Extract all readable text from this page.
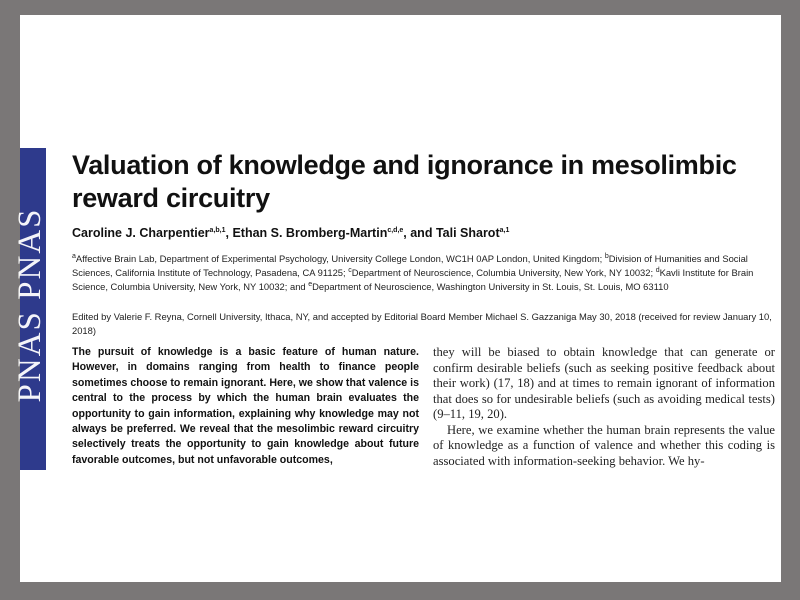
PNAS PNAS
Valuation of knowledge and ignorance in mesolimbic reward circuitry
Caroline J. Charpentier$^{a,b,1}$, Ethan S. Bromberg-Martin$^{c,d,e}$, and Tali Sharot$^{a,1}$
$^a$Affective Brain Lab, Department of Experimental Psychology, University College London, WC1H 0AP London, United Kingdom; $^b$Division of Humanities and Social Sciences, California Institute of Technology, Pasadena, CA 91125; $^c$Department of Neuroscience, Columbia University, New York, NY 10032; $^d$Kavli Institute for Brain Science, Columbia University, New York, NY 10032; and $^e$Department of Neuroscience, Washington University in St. Louis, St. Louis, MO 63110
Edited by Valerie F. Reyna, Cornell University, Ithaca, NY, and accepted by Editorial Board Member Michael S. Gazzaniga May 30, 2018 (received for review January 10, 2018)
The pursuit of knowledge is a basic feature of human nature. However, in domains ranging from health to finance people sometimes choose to remain ignorant. Here, we show that valence is central to the process by which the human brain evaluates the opportunity to gain information, explaining why knowledge may not always be preferred. We reveal that the mesolimbic reward circuitry selectively treats the opportunity to gain knowledge about future favorable outcomes, but not unfavorable outcomes,

they will be biased to obtain knowledge that can generate or confirm desirable beliefs (such as seeking positive feedback about their work) (17, 18) and at times to remain ignorant of information that does so for undesirable beliefs (such as avoiding medical tests) (9–11, 19, 20).

Here, we examine whether the human brain represents the value of knowledge as a function of valence and whether this coding is associated with information-seeking behavior. We hy-
